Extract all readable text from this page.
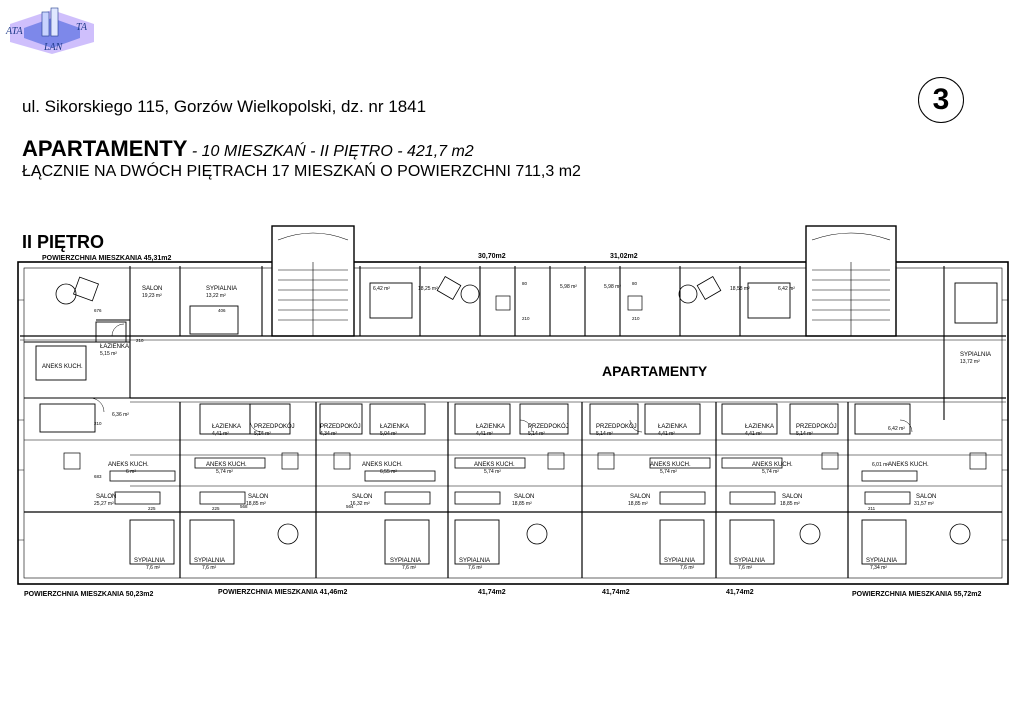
POWIERZCHNIA MIESZKANIA 45,31m2	30,70m2	31,02m2
POWIERZCHNIA MIESZKANIA 50,23m2	POWIERZCHNIA MIESZKANIA 41,46m2	41,74m2	41,74m2	41,74m2	POWIERZCHNIA MIESZKANIA 55,72m2
APARTAMENTY
SALON
19,23 m²
SYPIALNIA
13,22 m²
ŁAZIENKA
5,15 m²
ANEKS KUCH.
6,36 m²
SYPIALNIA
13,72 m²
6,42 m²	18,25 m²	5,98 m²	5,98 m²	18,58 m²	6,42 m²
ŁAZIENKA
4,41 m²
PRZEDPOKÓJ
5,14 m²
PRZEDPOKÓJ
4,34 m²
ŁAZIENKA
5,04 m²
ŁAZIENKA
4,41 m²
PRZEDPOKÓJ
5,14 m²
PRZEDPOKÓJ
5,14 m²
ŁAZIENKA
4,41 m²
ŁAZIENKA
4,41 m²
PRZEDPOKÓJ
5,14 m²
6,42 m²
ANEKS KUCH.
6 m²
ANEKS KUCH.
5,74 m²
ANEKS KUCH.
6,55 m²
ANEKS KUCH.
5,74 m²
ANEKS KUCH.
5,74 m²
ANEKS KUCH.
5,74 m²
ANEKS KUCH.
6,01 m²
SALON
25,27 m²
SALON
18,85 m²
SALON
16,32 m²
SALON
18,85 m²
SALON
18,85 m²
SALON
18,85 m²
SALON
31,57 m²
SYPIALNIA
7,6 m²
SYPIALNIA
7,6 m²
SYPIALNIA
7,6 m²
SYPIALNIA
7,6 m²
SYPIALNIA
7,6 m²
SYPIALNIA
7,6 m²
SYPIALNIA
7,34 m²
210
210
676	406
80	80
210	210
683
568	564
225	225	211
ATA	TA
LAN
ul. Sikorskiego 115, Gorzów Wielkopolski, dz. nr 1841
APARTAMENTY - 10 MIESZKAŃ - II PIĘTRO - 421,7 m2
ŁĄCZNIE NA DWÓCH PIĘTRACH 17 MIESZKAŃ O POWIERZCHNI 711,3 m2
3
II PIĘTRO
